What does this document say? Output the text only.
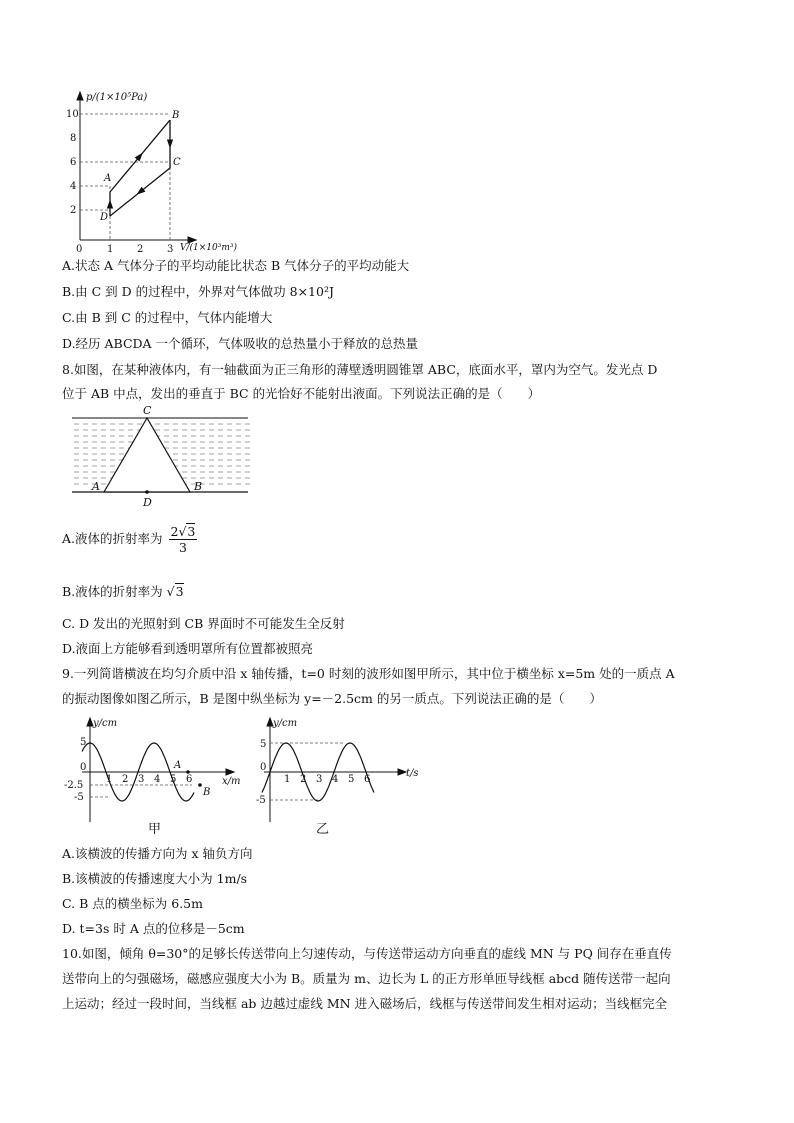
p/(1×10⁵Pa)
V/(1×10³m³)
10
8
6
4
2
0 1 2 3
A
B
C
D
A.状态 A 气体分子的平均动能比状态 B 气体分子的平均动能大
B.由 C 到 D 的过程中，外界对气体做功 8×10²J
C.由 B 到 C 的过程中，气体内能增大
D.经历 ABCDA 一个循环，气体吸收的总热量小于释放的总热量
8.如图，在某种液体内，有一轴截面为正三角形的薄壁透明圆锥罩 ABC，底面水平，罩内为空气。发光点 D
位于 AB 中点，发出的垂直于 BC 的光恰好不能射出液面。下列说法正确的是（　　）
C
A	B
D
A.液体的折射率为 $\frac{2√3}{3}$
B.液体的折射率为 √3
C. D 发出的光照射到 CB 界面时不可能发生全反射
D.液面上方能够看到透明罩所有位置都被照亮
9.一列简谐横波在均匀介质中沿 x 轴传播，t=0 时刻的波形如图甲所示，其中位于横坐标 x=5m 处的一质点 A
的振动图像如图乙所示，B 是图中纵坐标为 y=－2.5cm 的另一质点。下列说法正确的是（　　）
y/cm
x/m
5
-2.5
-5
0
1 2 3 4 5 6
A
B
甲
y/cm
t/s
5
-5
0
1 2 3 4 5 6
乙
A.该横波的传播方向为 x 轴负方向
B.该横波的传播速度大小为 1m/s
C. B 点的横坐标为 6.5m
D. t=3s 时 A 点的位移是－5cm
10.如图，倾角 θ=30°的足够长传送带向上匀速传动，与传送带运动方向垂直的虚线 MN 与 PQ 间存在垂直传
送带向上的匀强磁场，磁感应强度大小为 B。质量为 m、边长为 L 的正方形单匝导线框 abcd 随传送带一起向
上运动；经过一段时间，当线框 ab 边越过虚线 MN 进入磁场后，线框与传送带间发生相对运动；当线框完全
